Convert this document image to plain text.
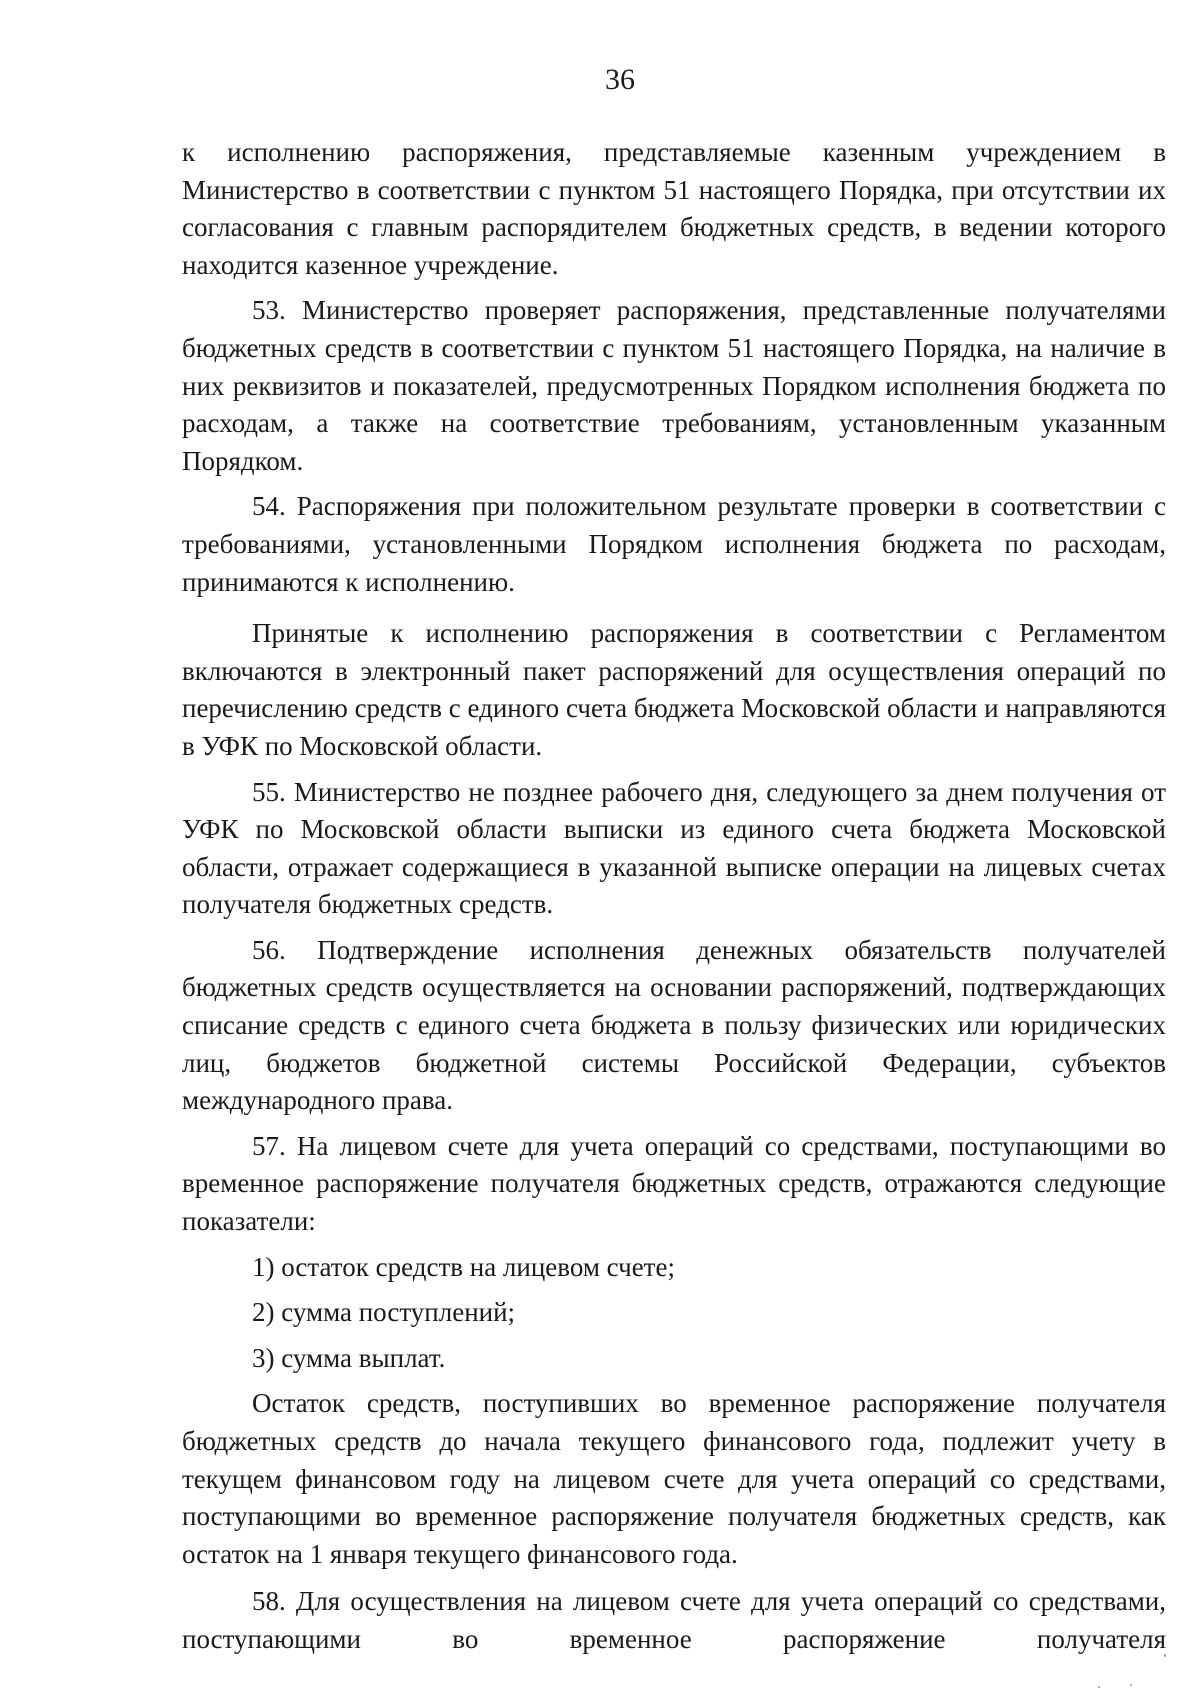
36

к исполнению распоряжения, представляемые казенным учреждением в Министерство в соответствии с пунктом 51 настоящего Порядка, при отсутствии их согласования с главным распорядителем бюджетных средств, в ведении которого находится казенное учреждение.

53. Министерство проверяет распоряжения, представленные получателями бюджетных средств в соответствии с пунктом 51 настоящего Порядка, на наличие в них реквизитов и показателей, предусмотренных Порядком исполнения бюджета по расходам, а также на соответствие требованиям, установленным указанным Порядком.

54. Распоряжения при положительном результате проверки в соответствии с требованиями, установленными Порядком исполнения бюджета по расходам, принимаются к исполнению.

Принятые к исполнению распоряжения в соответствии с Регламентом включаются в электронный пакет распоряжений для осуществления операций по перечислению средств с единого счета бюджета Московской области и направляются в УФК по Московской области.

55. Министерство не позднее рабочего дня, следующего за днем получения от УФК по Московской области выписки из единого счета бюджета Московской области, отражает содержащиеся в указанной выписке операции на лицевых счетах получателя бюджетных средств.

56. Подтверждение исполнения денежных обязательств получателей бюджетных средств осуществляется на основании распоряжений, подтверждающих списание средств с единого счета бюджета в пользу физических или юридических лиц, бюджетов бюджетной системы Российской Федерации, субъектов международного права.

57. На лицевом счете для учета операций со средствами, поступающими во временное распоряжение получателя бюджетных средств, отражаются следующие показатели:

1) остаток средств на лицевом счете;

2) сумма поступлений;

3) сумма выплат.

Остаток средств, поступивших во временное распоряжение получателя бюджетных средств до начала текущего финансового года, подлежит учету в текущем финансовом году на лицевом счете для учета операций со средствами, поступающими во временное распоряжение получателя бюджетных средств, как остаток на 1 января текущего финансового года.

58. Для осуществления на лицевом счете для учета операций со средствами, поступающими во временное распоряжение получателя
